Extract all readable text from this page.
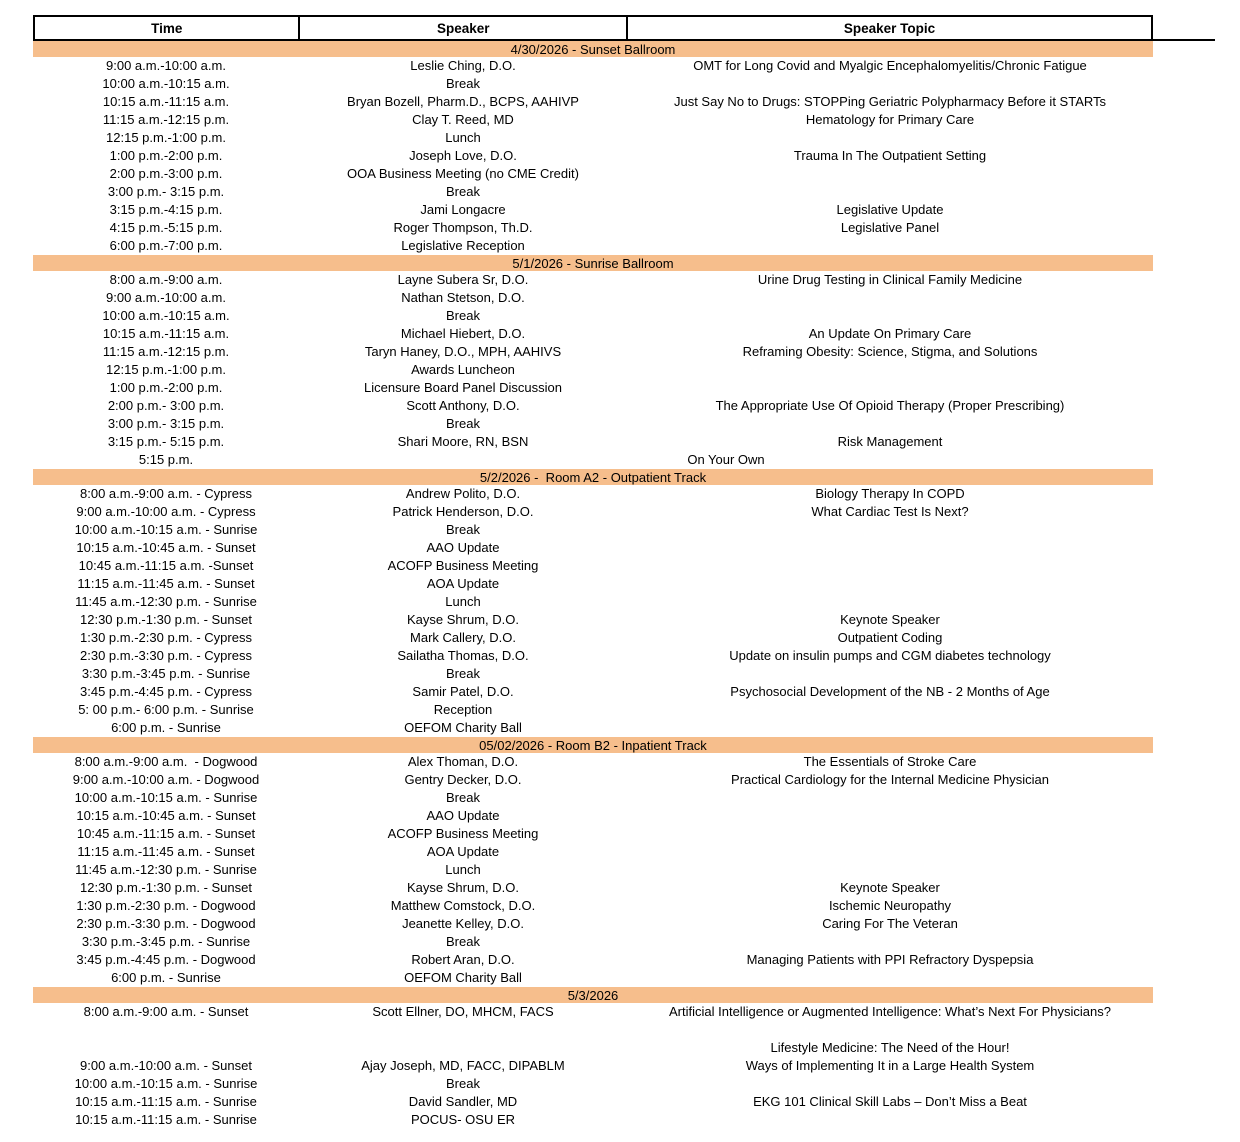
Time	Speaker	Speaker Topic
4/30/2026 - Sunset Ballroom
9:00 a.m.-10:00 a.m.	Leslie Ching, D.O.	OMT for Long Covid and Myalgic Encephalomyelitis/Chronic Fatigue
10:00 a.m.-10:15 a.m.	Break
10:15 a.m.-11:15 a.m.	Bryan Bozell, Pharm.D., BCPS, AAHIVP	Just Say No to Drugs: STOPPing Geriatric Polypharmacy Before it STARTs
11:15 a.m.-12:15 p.m.	Clay T. Reed, MD	Hematology for Primary Care
12:15 p.m.-1:00 p.m.	Lunch
1:00 p.m.-2:00 p.m.	Joseph Love, D.O.	Trauma In The Outpatient Setting
2:00 p.m.-3:00 p.m.	OOA Business Meeting (no CME Credit)
3:00 p.m.- 3:15 p.m.	Break
3:15 p.m.-4:15 p.m.	Jami Longacre	Legislative Update
4:15 p.m.-5:15 p.m.	Roger Thompson, Th.D.	Legislative Panel
6:00 p.m.-7:00 p.m.	Legislative Reception
5/1/2026 - Sunrise Ballroom
8:00 a.m.-9:00 a.m.	Layne Subera Sr, D.O.	Urine Drug Testing in Clinical Family Medicine
9:00 a.m.-10:00 a.m.	Nathan Stetson, D.O.
10:00 a.m.-10:15 a.m.	Break
10:15 a.m.-11:15 a.m.	Michael Hiebert, D.O.	An Update On Primary Care
11:15 a.m.-12:15 p.m.	Taryn Haney, D.O., MPH, AAHIVS	Reframing Obesity: Science, Stigma, and Solutions
12:15 p.m.-1:00 p.m.	Awards Luncheon
1:00 p.m.-2:00 p.m.	Licensure Board Panel Discussion
2:00 p.m.- 3:00 p.m.	Scott Anthony, D.O.	The Appropriate Use Of Opioid Therapy (Proper Prescribing)
3:00 p.m.- 3:15 p.m.	Break
3:15 p.m.- 5:15 p.m.	Shari Moore, RN, BSN	Risk Management
5:15 p.m.	On Your Own
5/2/2026 -  Room A2 - Outpatient Track
8:00 a.m.-9:00 a.m. - Cypress	Andrew Polito, D.O.	Biology Therapy In COPD
9:00 a.m.-10:00 a.m. - Cypress	Patrick Henderson, D.O.	What Cardiac Test Is Next?
10:00 a.m.-10:15 a.m. - Sunrise	Break
10:15 a.m.-10:45 a.m. - Sunset	AAO Update
10:45 a.m.-11:15 a.m. -Sunset	ACOFP Business Meeting
11:15 a.m.-11:45 a.m. - Sunset	AOA Update
11:45 a.m.-12:30 p.m. - Sunrise	Lunch
12:30 p.m.-1:30 p.m. - Sunset	Kayse Shrum, D.O.	Keynote Speaker
1:30 p.m.-2:30 p.m. - Cypress	Mark Callery, D.O.	Outpatient Coding
2:30 p.m.-3:30 p.m. - Cypress	Sailatha Thomas, D.O.	Update on insulin pumps and CGM diabetes technology
3:30 p.m.-3:45 p.m. - Sunrise	Break
3:45 p.m.-4:45 p.m. - Cypress	Samir Patel, D.O.	Psychosocial Development of the NB - 2 Months of Age
5: 00 p.m.- 6:00 p.m. - Sunrise	Reception
6:00 p.m. - Sunrise	OEFOM Charity Ball
05/02/2026 - Room B2 - Inpatient Track
8:00 a.m.-9:00 a.m.  - Dogwood	Alex Thoman, D.O.	The Essentials of Stroke Care
9:00 a.m.-10:00 a.m. - Dogwood	Gentry Decker, D.O.	Practical Cardiology for the Internal Medicine Physician
10:00 a.m.-10:15 a.m. - Sunrise	Break
10:15 a.m.-10:45 a.m. - Sunset	AAO Update
10:45 a.m.-11:15 a.m. - Sunset	ACOFP Business Meeting
11:15 a.m.-11:45 a.m. - Sunset	AOA Update
11:45 a.m.-12:30 p.m. - Sunrise	Lunch
12:30 p.m.-1:30 p.m. - Sunset	Kayse Shrum, D.O.	Keynote Speaker
1:30 p.m.-2:30 p.m. - Dogwood	Matthew Comstock, D.O.	Ischemic Neuropathy
2:30 p.m.-3:30 p.m. - Dogwood	Jeanette Kelley, D.O.	Caring For The Veteran
3:30 p.m.-3:45 p.m. - Sunrise	Break
3:45 p.m.-4:45 p.m. - Dogwood	Robert Aran, D.O.	Managing Patients with PPI Refractory Dyspepsia
6:00 p.m. - Sunrise	OEFOM Charity Ball
5/3/2026
8:00 a.m.-9:00 a.m. - Sunset	Scott Ellner, DO, MHCM, FACS	Artificial Intelligence or Augmented Intelligence: What’s Next For Physicians?
Lifestyle Medicine: The Need of the Hour!
9:00 a.m.-10:00 a.m. - Sunset	Ajay Joseph, MD, FACC, DIPABLM	Ways of Implementing It in a Large Health System
10:00 a.m.-10:15 a.m. - Sunrise	Break
10:15 a.m.-11:15 a.m. - Sunrise	David Sandler, MD	EKG 101 Clinical Skill Labs – Don’t Miss a Beat
10:15 a.m.-11:15 a.m. - Sunrise	POCUS- OSU ER
